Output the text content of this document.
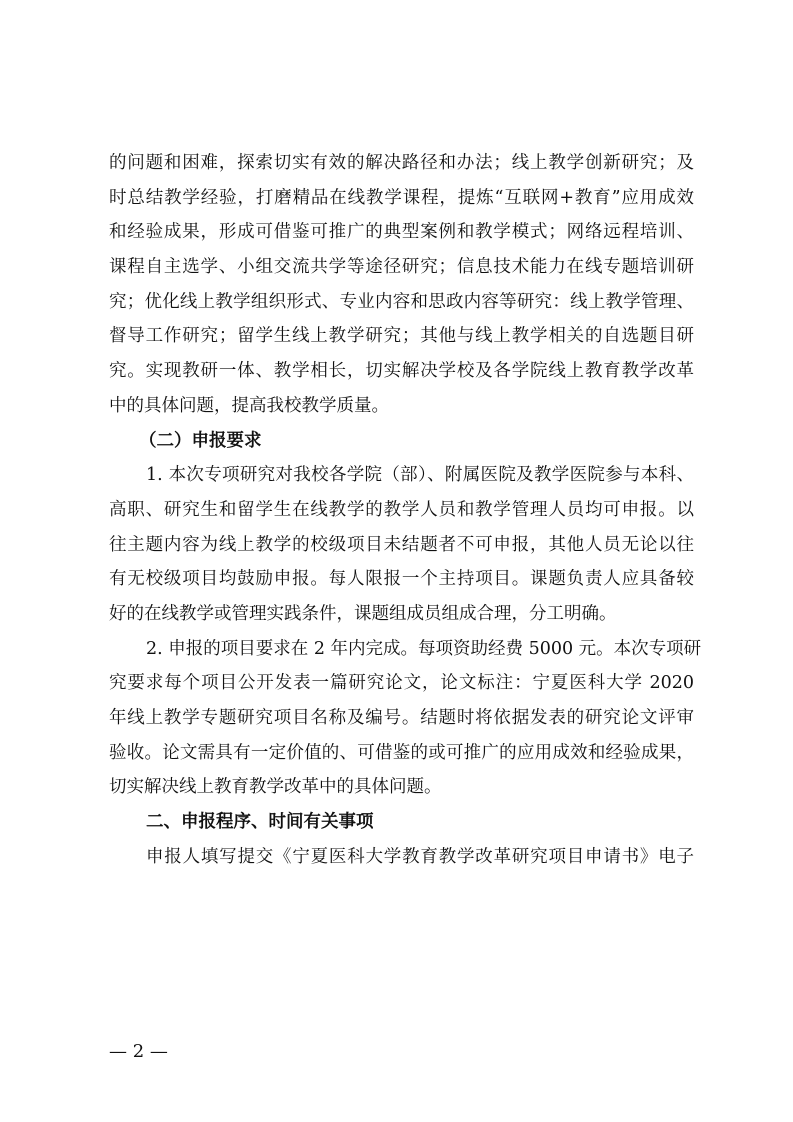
的问题和困难，探索切实有效的解决路径和办法；线上教学创新研究；及
时总结教学经验，打磨精品在线教学课程，提炼“互联网+教育”应用成效
和经验成果，形成可借鉴可推广的典型案例和教学模式；网络远程培训、
课程自主选学、小组交流共学等途径研究；信息技术能力在线专题培训研
究；优化线上教学组织形式、专业内容和思政内容等研究：线上教学管理、
督导工作研究；留学生线上教学研究；其他与线上教学相关的自选题目研
究。实现教研一体、教学相长，切实解决学校及各学院线上教育教学改革
中的具体问题，提高我校教学质量。
（二）申报要求
1. 本次专项研究对我校各学院（部）、附属医院及教学医院参与本科、
高职、研究生和留学生在线教学的教学人员和教学管理人员均可申报。以
往主题内容为线上教学的校级项目未结题者不可申报，其他人员无论以往
有无校级项目均鼓励申报。每人限报一个主持项目。课题负责人应具备较
好的在线教学或管理实践条件，课题组成员组成合理，分工明确。
2. 申报的项目要求在 2 年内完成。每项资助经费 5000 元。本次专项研
究要求每个项目公开发表一篇研究论文，论文标注：宁夏医科大学 2020
年线上教学专题研究项目名称及编号。结题时将依据发表的研究论文评审
验收。论文需具有一定价值的、可借鉴的或可推广的应用成效和经验成果，
切实解决线上教育教学改革中的具体问题。
二、申报程序、时间有关事项
申报人填写提交《宁夏医科大学教育教学改革研究项目申请书》电子
— 2 —
